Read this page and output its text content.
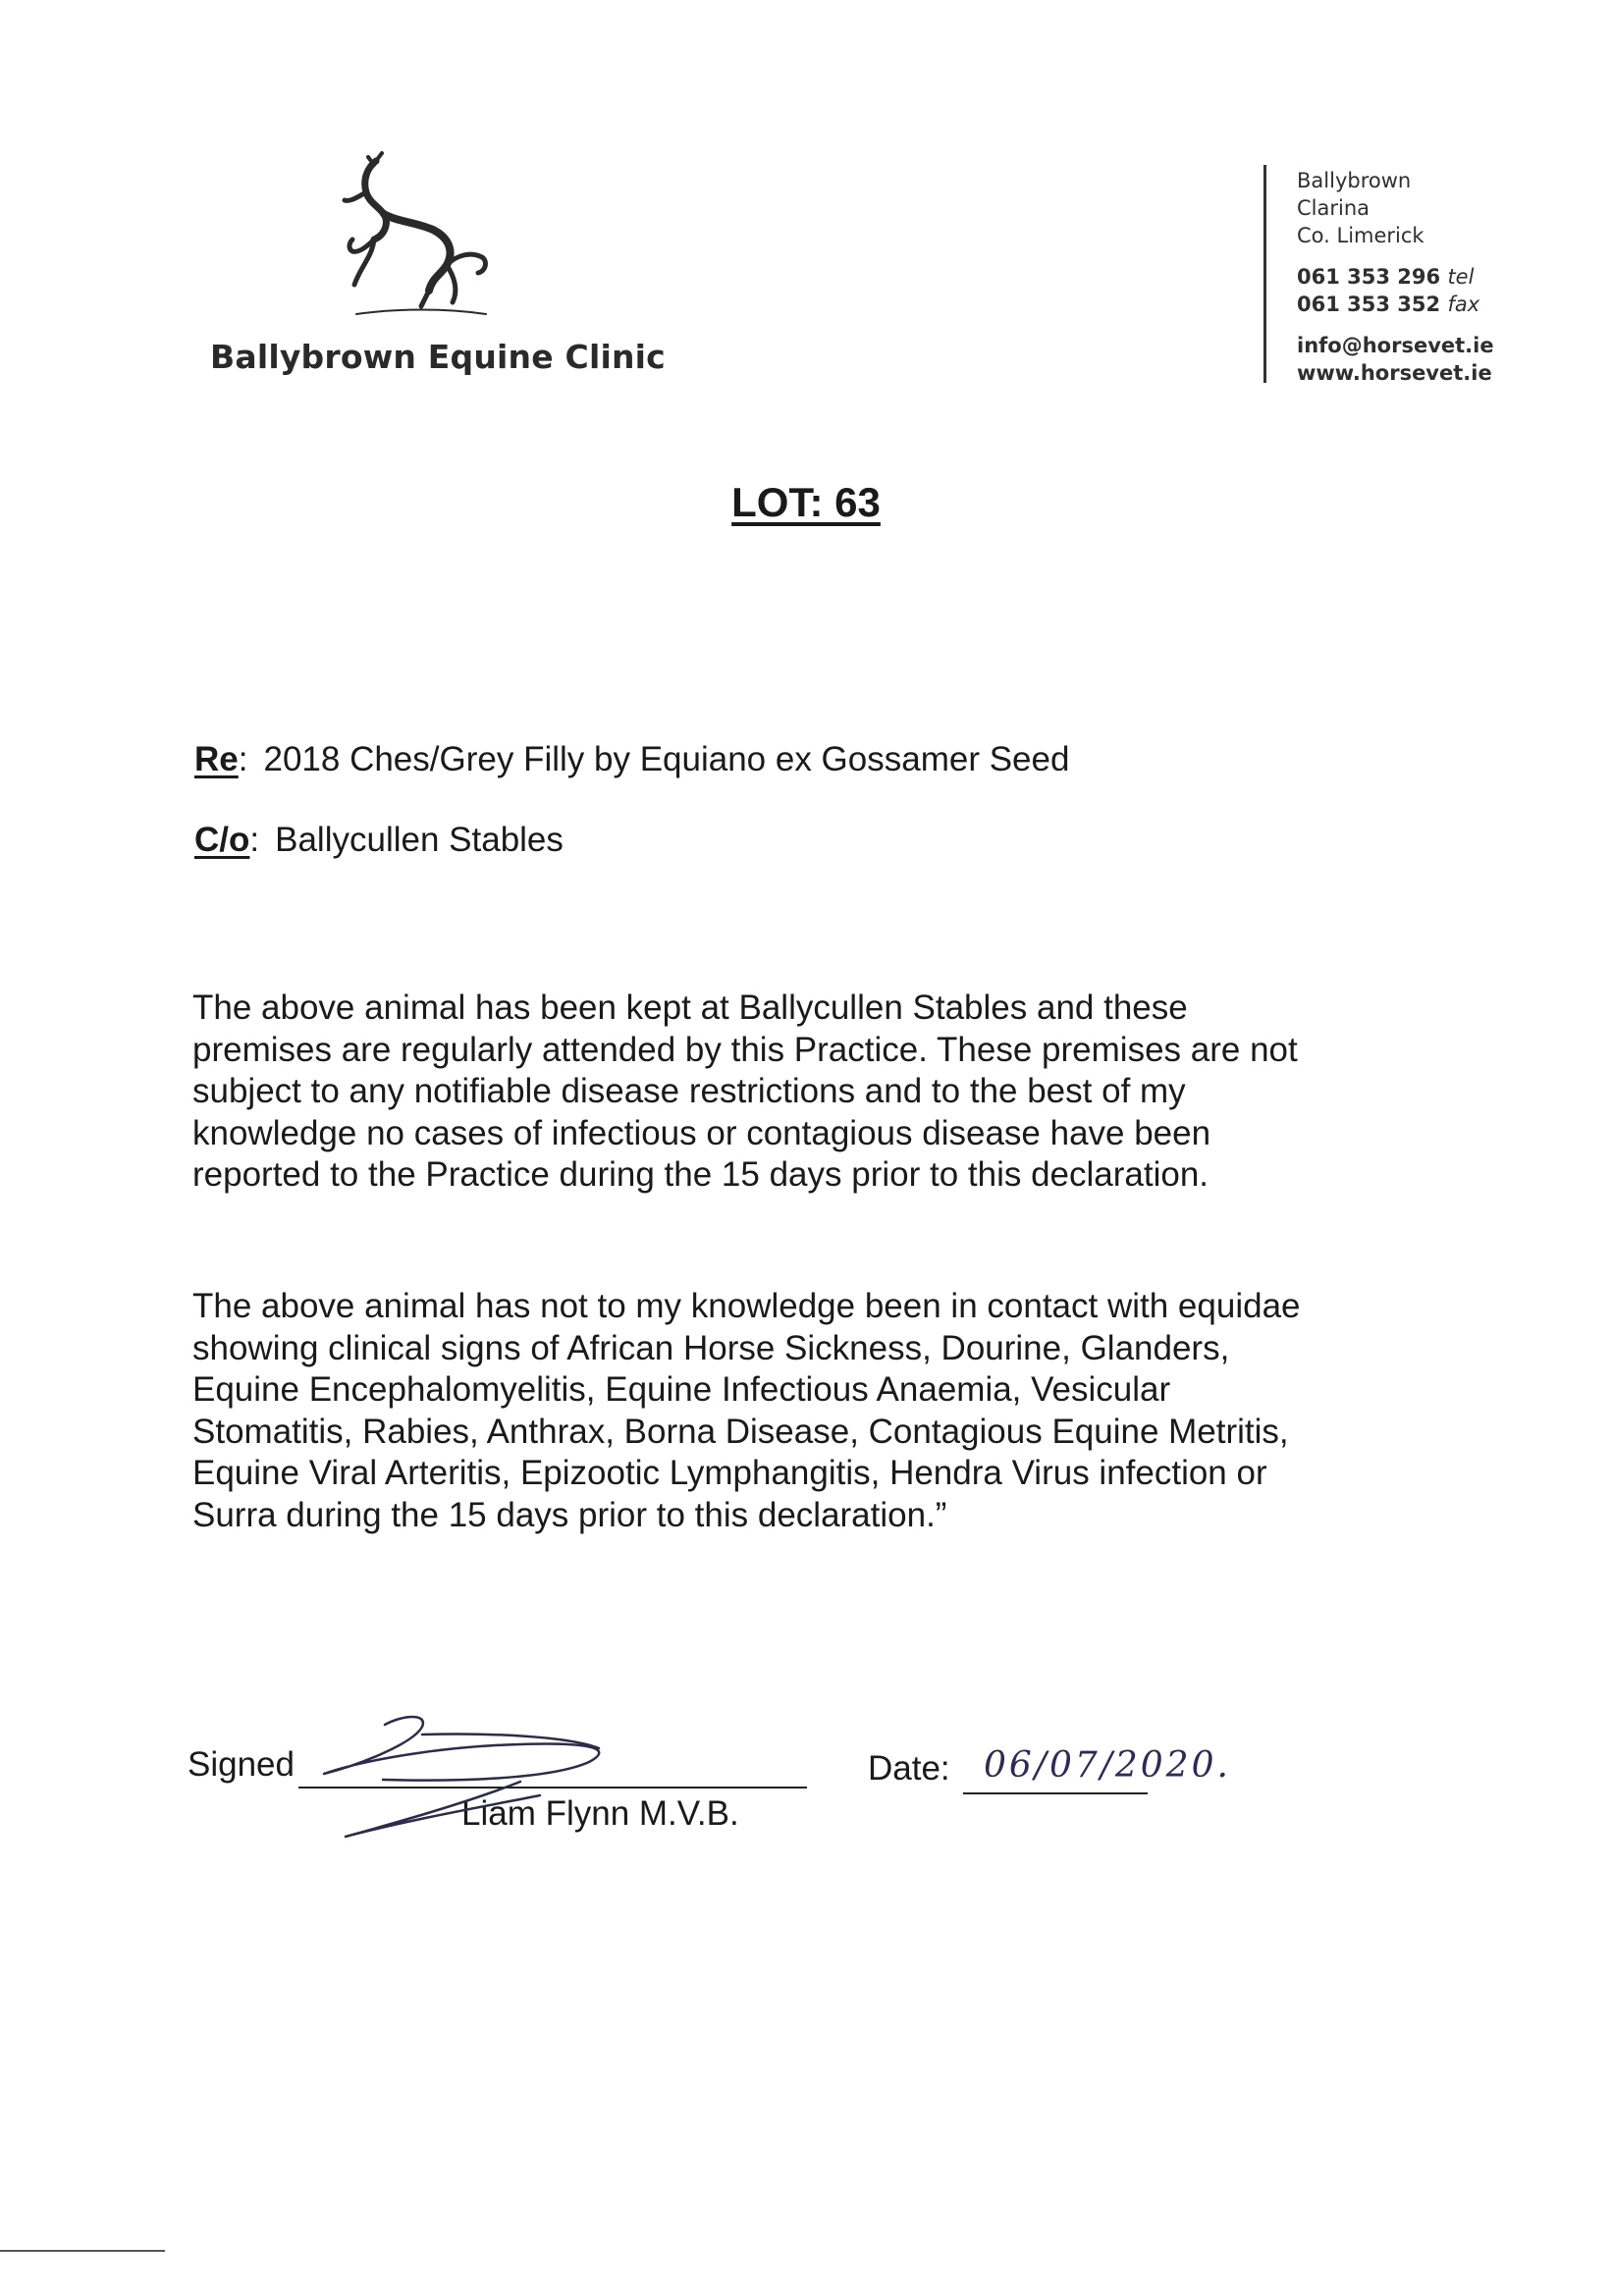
Ballybrown Equine Clinic
Ballybrown
Clarina
Co. Limerick
061 353 296 tel
061 353 352 fax
info@horsevet.ie
www.horsevet.ie
LOT: 63
Re: 2018 Ches/Grey Filly by Equiano ex Gossamer Seed
C/o: Ballycullen Stables
The above animal has been kept at Ballycullen Stables and these premises are regularly attended by this Practice. These premises are not subject to any notifiable disease restrictions and to the best of my knowledge no cases of infectious or contagious disease have been reported to the Practice during the 15 days prior to this declaration.
The above animal has not to my knowledge been in contact with equidae showing clinical signs of African Horse Sickness, Dourine, Glanders, Equine Encephalomyelitis, Equine Infectious Anaemia, Vesicular Stomatitis, Rabies, Anthrax, Borna Disease, Contagious Equine Metritis, Equine Viral Arteritis, Epizootic Lymphangitis, Hendra Virus infection or Surra during the 15 days prior to this declaration.”
Signed
Liam Flynn M.V.B.
Date: 06/07/2020.
